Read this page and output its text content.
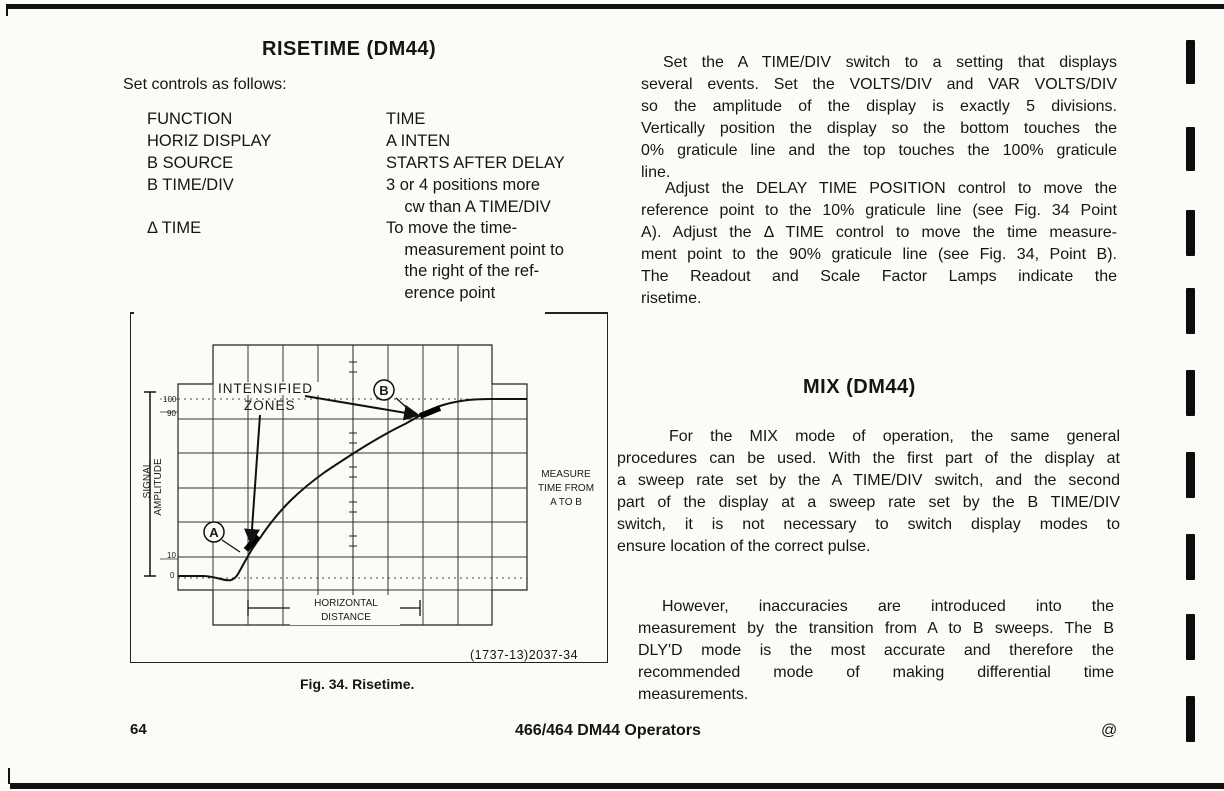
RISETIME (DM44)
Set controls as follows:
FUNCTION	TIME
HORIZ DISPLAY	A INTEN
B SOURCE	STARTS AFTER DELAY
B TIME/DIV	3 or 4 positions more
cw than A TIME/DIV
Δ TIME	To move the time-
measurement point to
the right of the ref-
erence point
100
90
10
0
SIGNAL AMPLITUDE
INTENSIFIED
ZONES
A
B
MEASURE
TIME FROM
A TO B
HORIZONTAL
DISTANCE
(1737-13)2037-34
Fig. 34. Risetime.
Set the A TIME/DIV switch to a setting that displays
several events. Set the VOLTS/DIV and VAR VOLTS/DIV
so the amplitude of the display is exactly 5 divisions.
Vertically position the display so the bottom touches the
0% graticule line and the top touches the 100% graticule
line.
Adjust the DELAY TIME POSITION control to move the
reference point to the 10% graticule line (see Fig. 34 Point
A). Adjust the Δ TIME control to move the time measure-
ment point to the 90% graticule line (see Fig. 34, Point B).
The Readout and Scale Factor Lamps indicate the
risetime.
MIX (DM44)
For the MIX mode of operation, the same general
procedures can be used. With the first part of the display at
a sweep rate set by the A TIME/DIV switch, and the second
part of the display at a sweep rate set by the B TIME/DIV
switch, it is not necessary to switch display modes to
ensure location of the correct pulse.
However, inaccuracies are introduced into the
measurement by the transition from A to B sweeps. The B
DLY'D mode is the most accurate and therefore the
recommended mode of making differential time
measurements.
64	466/464 DM44 Operators	@
